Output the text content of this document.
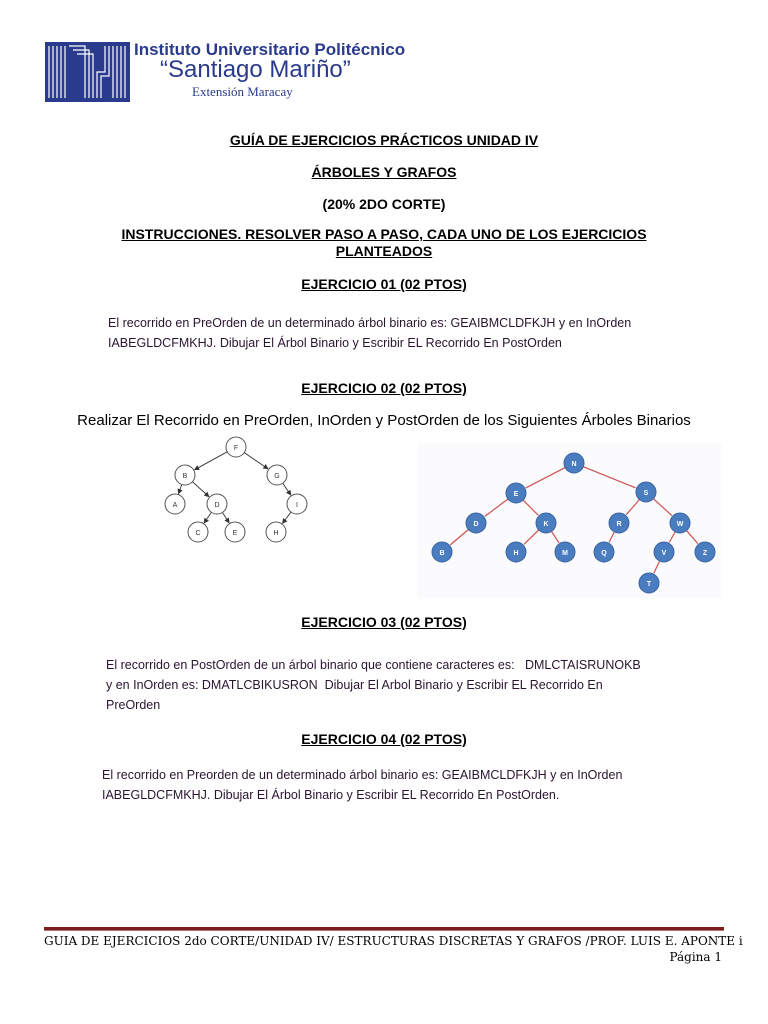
Instituto Universitario Politécnico
“Santiago Mariño”
Extensión Maracay
GUÍA DE EJERCICIOS PRÁCTICOS UNIDAD IV
ÁRBOLES Y GRAFOS
(20% 2DO CORTE)
INSTRUCCIONES. RESOLVER PASO A PASO, CADA UNO DE LOS EJERCICIOS
PLANTEADOS
EJERCICIO 01 (02 PTOS)
El recorrido en PreOrden de un determinado árbol binario es: GEAIBMCLDFKJH y en InOrden
IABEGLDCFMKHJ. Dibujar El Árbol Binario y Escribir EL Recorrido En PostOrden
EJERCICIO 02 (02 PTOS)
Realizar El Recorrido en PreOrden, InOrden y PostOrden de los Siguientes Árboles Binarios
F
B	G
A	D
C	E
I
H
N
E	S
D	K
B	H	M
R	W
Q	V	Z
T
EJERCICIO 03 (02 PTOS)
El recorrido en PostOrden de un árbol binario que contiene caracteres es:   DMLCTAISRUNOKB
y en InOrden es: DMATLCBIKUSRON  Dibujar El Arbol Binario y Escribir EL Recorrido En
PreOrden
EJERCICIO 04 (02 PTOS)
El recorrido en Preorden de un determinado árbol binario es: GEAIBMCLDFKJH y en InOrden
IABEGLDCFMKHJ. Dibujar El Árbol Binario y Escribir EL Recorrido En PostOrden.
GUIA DE EJERCICIOS 2do CORTE/UNIDAD IV/ ESTRUCTURAS DISCRETAS Y GRAFOS /PROF. LUIS E. APONTE i
Página 1
